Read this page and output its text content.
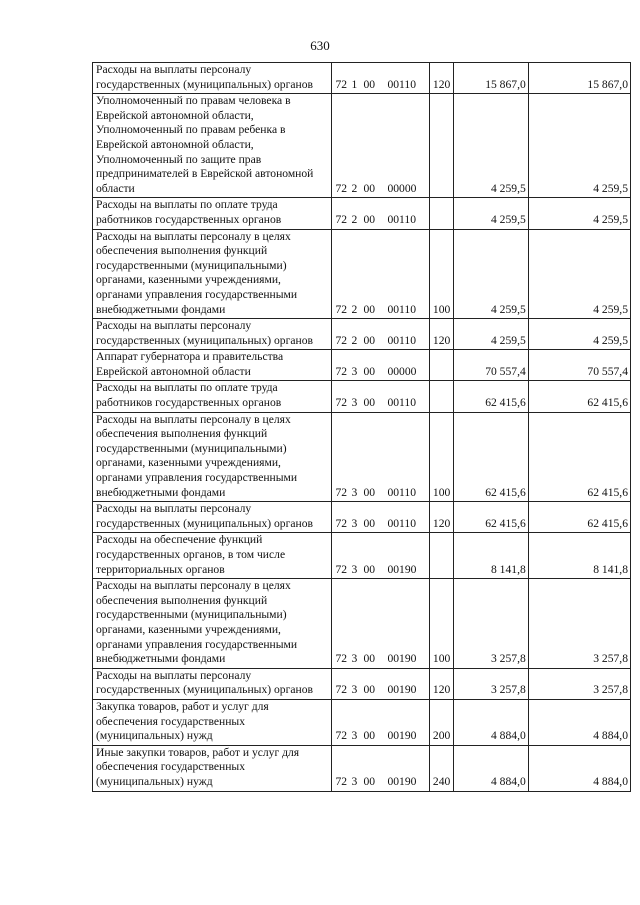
630
Расходы на выплаты персоналу государственных (муниципальных) органов	72 1 00 00110	120	15 867,0	15 867,0
Уполномоченный по правам человека в Еврейской автономной области, Уполномоченный по правам ребенка в Еврейской автономной области, Уполномоченный по защите прав предпринимателей в Еврейской автономной области	72 2 00 00000		4 259,5	4 259,5
Расходы на выплаты по оплате труда работников государственных органов	72 2 00 00110		4 259,5	4 259,5
Расходы на выплаты персоналу в целях обеспечения выполнения функций государственными (муниципальными) органами, казенными учреждениями, органами управления государственными внебюджетными фондами	72 2 00 00110	100	4 259,5	4 259,5
Расходы на выплаты персоналу государственных (муниципальных) органов	72 2 00 00110	120	4 259,5	4 259,5
Аппарат губернатора и правительства Еврейской автономной области	72 3 00 00000		70 557,4	70 557,4
Расходы на выплаты по оплате труда работников государственных органов	72 3 00 00110		62 415,6	62 415,6
Расходы на выплаты персоналу в целях обеспечения выполнения функций государственными (муниципальными) органами, казенными учреждениями, органами управления государственными внебюджетными фондами	72 3 00 00110	100	62 415,6	62 415,6
Расходы на выплаты персоналу государственных (муниципальных) органов	72 3 00 00110	120	62 415,6	62 415,6
Расходы на обеспечение функций государственных органов, в том числе территориальных органов	72 3 00 00190		8 141,8	8 141,8
Расходы на выплаты персоналу в целях обеспечения выполнения функций государственными (муниципальными) органами, казенными учреждениями, органами управления государственными внебюджетными фондами	72 3 00 00190	100	3 257,8	3 257,8
Расходы на выплаты персоналу государственных (муниципальных) органов	72 3 00 00190	120	3 257,8	3 257,8
Закупка товаров, работ и услуг для обеспечения государственных (муниципальных) нужд	72 3 00 00190	200	4 884,0	4 884,0
Иные закупки товаров, работ и услуг для обеспечения государственных (муниципальных) нужд	72 3 00 00190	240	4 884,0	4 884,0
